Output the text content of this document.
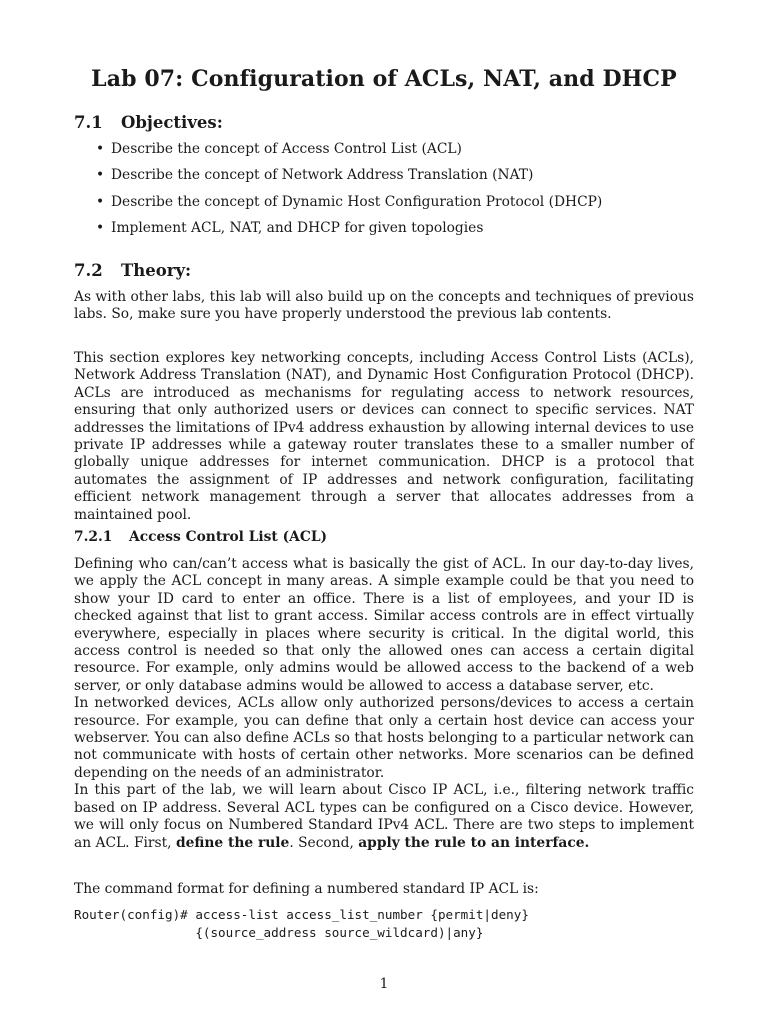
Lab 07: Configuration of ACLs, NAT, and DHCP
7.1 Objectives:
• Describe the concept of Access Control List (ACL)
• Describe the concept of Network Address Translation (NAT)
• Describe the concept of Dynamic Host Configuration Protocol (DHCP)
• Implement ACL, NAT, and DHCP for given topologies
7.2 Theory:

As with other labs, this lab will also build up on the concepts and techniques of previous labs. So, make sure you have properly understood the previous lab contents.

This section explores key networking concepts, including Access Control Lists (ACLs), Network Address Translation (NAT), and Dynamic Host Configuration Protocol (DHCP). ACLs are introduced as mechanisms for regulating access to network resources, ensuring that only authorized users or devices can connect to specific services. NAT addresses the limitations of IPv4 address exhaustion by allowing internal devices to use private IP addresses while a gateway router translates these to a smaller number of globally unique addresses for internet communication. DHCP is a protocol that automates the assignment of IP addresses and network configuration, facilitating efficient network management through a server that allocates addresses from a maintained pool.

7.2.1 Access Control List (ACL)

Defining who can/can’t access what is basically the gist of ACL. In our day-to-day lives, we apply the ACL concept in many areas. A simple example could be that you need to show your ID card to enter an office. There is a list of employees, and your ID is checked against that list to grant access. Similar access controls are in effect virtually everywhere, especially in places where security is critical. In the digital world, this access control is needed so that only the allowed ones can access a certain digital resource. For example, only admins would be allowed access to the backend of a web server, or only database admins would be allowed to access a database server, etc.

In networked devices, ACLs allow only authorized persons/devices to access a certain resource. For example, you can define that only a certain host device can access your webserver. You can also define ACLs so that hosts belonging to a particular network can not communicate with hosts of certain other networks. More scenarios can be defined depending on the needs of an administrator.

In this part of the lab, we will learn about Cisco IP ACL, i.e., filtering network traffic based on IP address. Several ACL types can be configured on a Cisco device. However, we will only focus on Numbered Standard IPv4 ACL. There are two steps to implement an ACL. First, define the rule. Second, apply the rule to an interface.

The command format for defining a numbered standard IP ACL is:

Router(config)# access-list access_list_number {permit|deny}
{(source_address source_wildcard)|any}
1
